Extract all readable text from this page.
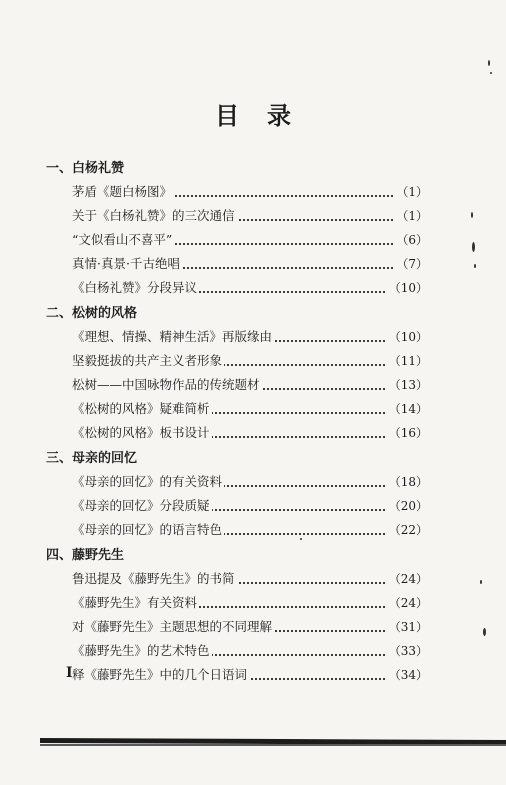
目录
一、白杨礼赞
茅盾《题白杨图》	（1）
关于《白杨礼赞》的三次通信	（1）
“文似看山不喜平”	（6）
真情·真景·千古绝唱	（7）
《白杨礼赞》分段异议	（10）
二、松树的风格
《理想、情操、精神生活》再版缘由	（10）
坚毅挺拔的共产主义者形象	（11）
松树——中国咏物作品的传统题材	（13）
《松树的风格》疑难简析	（14）
《松树的风格》板书设计	（16）
三、母亲的回忆
《母亲的回忆》的有关资料	（18）
《母亲的回忆》分段质疑	（20）
《母亲的回忆》的语言特色	（22）
四、藤野先生
鲁迅提及《藤野先生》的书简	（24）
《藤野先生》有关资料	（24）
对《藤野先生》主题思想的不同理解	（31）
《藤野先生》的艺术特色	（33）
释《藤野先生》中的几个日语词	（34）
I
